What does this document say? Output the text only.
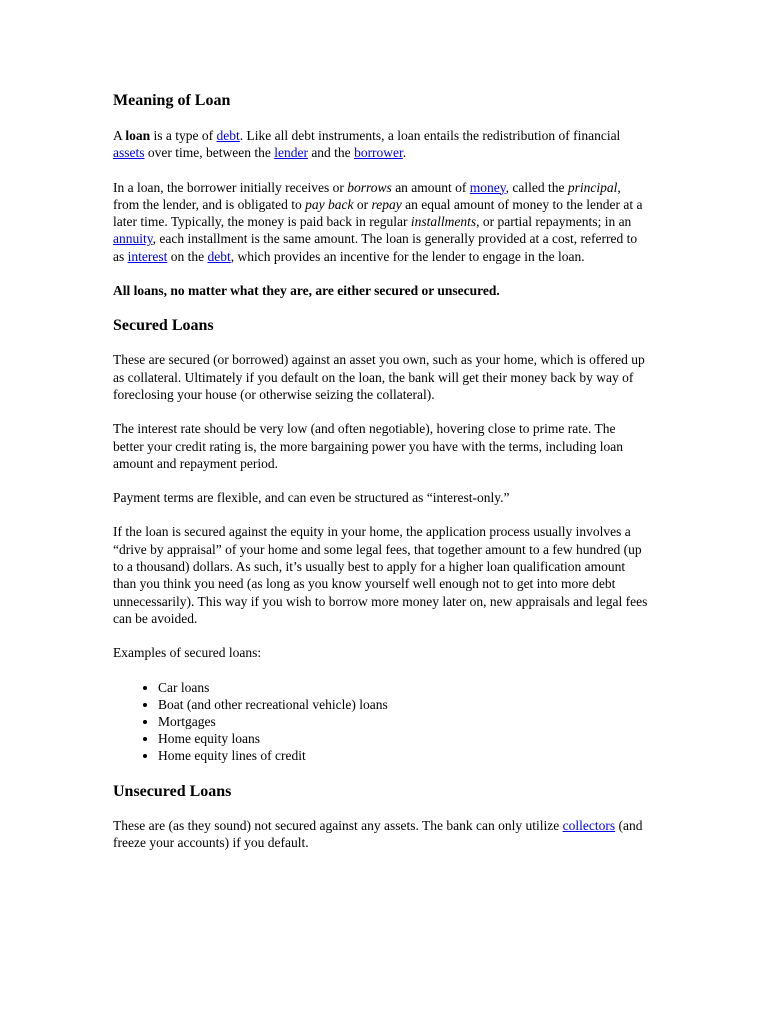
Meaning of Loan

A loan is a type of debt. Like all debt instruments, a loan entails the redistribution of financial assets over time, between the lender and the borrower.

In a loan, the borrower initially receives or borrows an amount of money, called the principal, from the lender, and is obligated to pay back or repay an equal amount of money to the lender at a later time. Typically, the money is paid back in regular installments, or partial repayments; in an annuity, each installment is the same amount. The loan is generally provided at a cost, referred to as interest on the debt, which provides an incentive for the lender to engage in the loan.

All loans, no matter what they are, are either secured or unsecured.

Secured Loans

These are secured (or borrowed) against an asset you own, such as your home, which is offered up as collateral. Ultimately if you default on the loan, the bank will get their money back by way of foreclosing your house (or otherwise seizing the collateral).

The interest rate should be very low (and often negotiable), hovering close to prime rate. The better your credit rating is, the more bargaining power you have with the terms, including loan amount and repayment period.

Payment terms are flexible, and can even be structured as “interest-only.”

If the loan is secured against the equity in your home, the application process usually involves a “drive by appraisal” of your home and some legal fees, that together amount to a few hundred (up to a thousand) dollars. As such, it’s usually best to apply for a higher loan qualification amount than you think you need (as long as you know yourself well enough not to get into more debt unnecessarily). This way if you wish to borrow more money later on, new appraisals and legal fees can be avoided.

Examples of secured loans:

• Car loans
• Boat (and other recreational vehicle) loans
• Mortgages
• Home equity loans
• Home equity lines of credit
Unsecured Loans

These are (as they sound) not secured against any assets. The bank can only utilize collectors (and freeze your accounts) if you default.
